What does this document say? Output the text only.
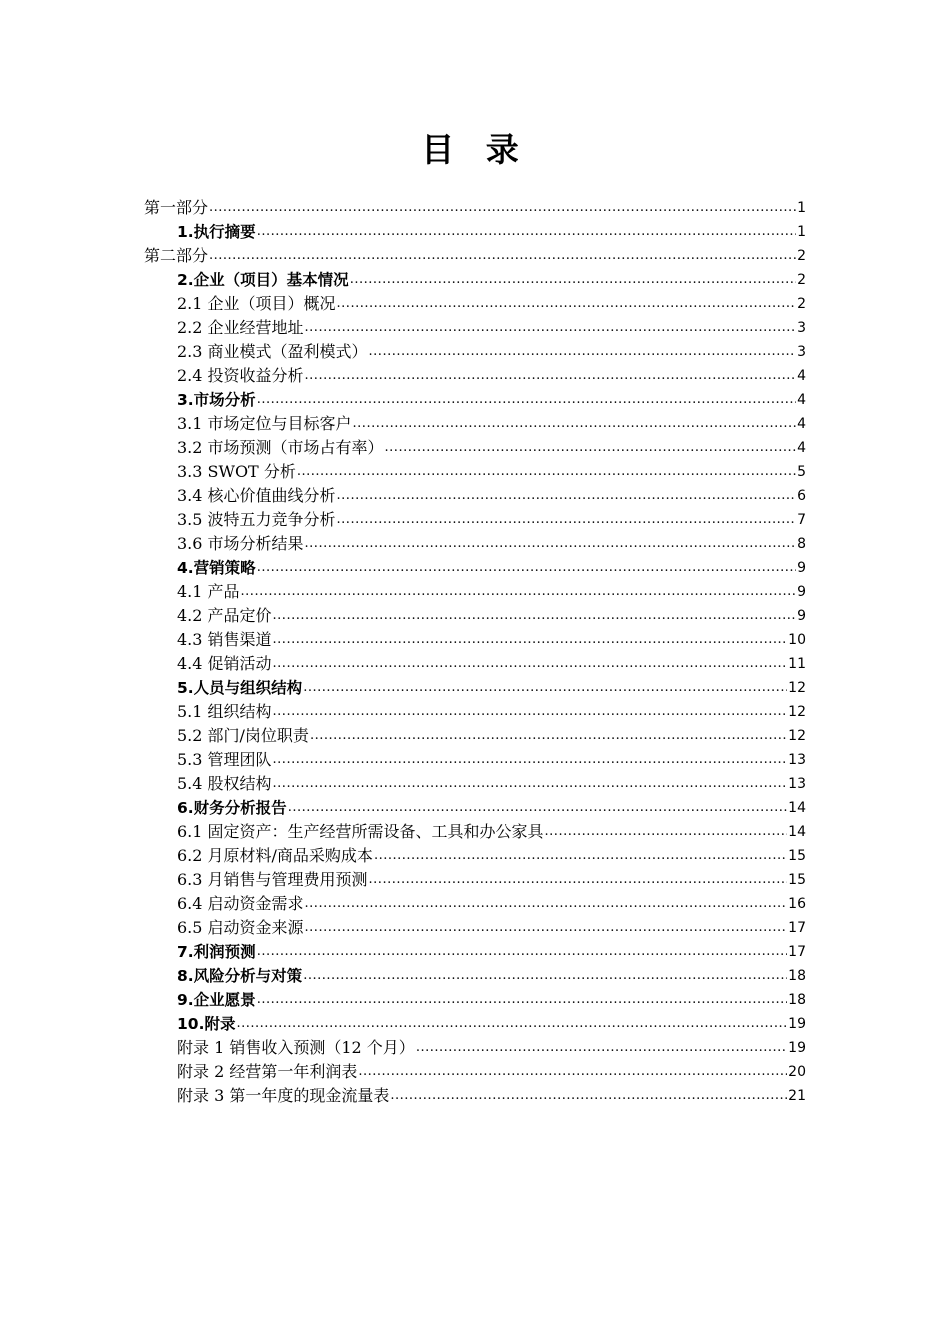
目 录
第一部分 .....	1
1.执行摘要 .....	1
第二部分 .....	2
2.企业（项目）基本情况 .....	2
2.1 企业（项目）概况 .....	2
2.2 企业经营地址 .....	3
2.3 商业模式（盈利模式） .....	3
2.4 投资收益分析 .....	4
3.市场分析 .....	4
3.1 市场定位与目标客户 .....	4
3.2 市场预测（市场占有率） .....	4
3.3 SWOT 分析 .....	5
3.4 核心价值曲线分析 .....	6
3.5 波特五力竞争分析 .....	7
3.6 市场分析结果 .....	8
4.营销策略 .....	9
4.1 产品 .....	9
4.2 产品定价 .....	9
4.3 销售渠道 .....	10
4.4 促销活动 .....	11
5.人员与组织结构 .....	12
5.1 组织结构 .....	12
5.2 部门/岗位职责 .....	12
5.3 管理团队 .....	13
5.4 股权结构 .....	13
6.财务分析报告 .....	14
6.1 固定资产：生产经营所需设备、工具和办公家具 .....	14
6.2 月原材料/商品采购成本 .....	15
6.3 月销售与管理费用预测 .....	15
6.4 启动资金需求 .....	16
6.5 启动资金来源 .....	17
7.利润预测 .....	17
8.风险分析与对策 .....	18
9.企业愿景 .....	18
10.附录 .....	19
附录 1 销售收入预测（12 个月） .....	19
附录 2 经营第一年利润表 .....	20
附录 3 第一年度的现金流量表 .....	21
